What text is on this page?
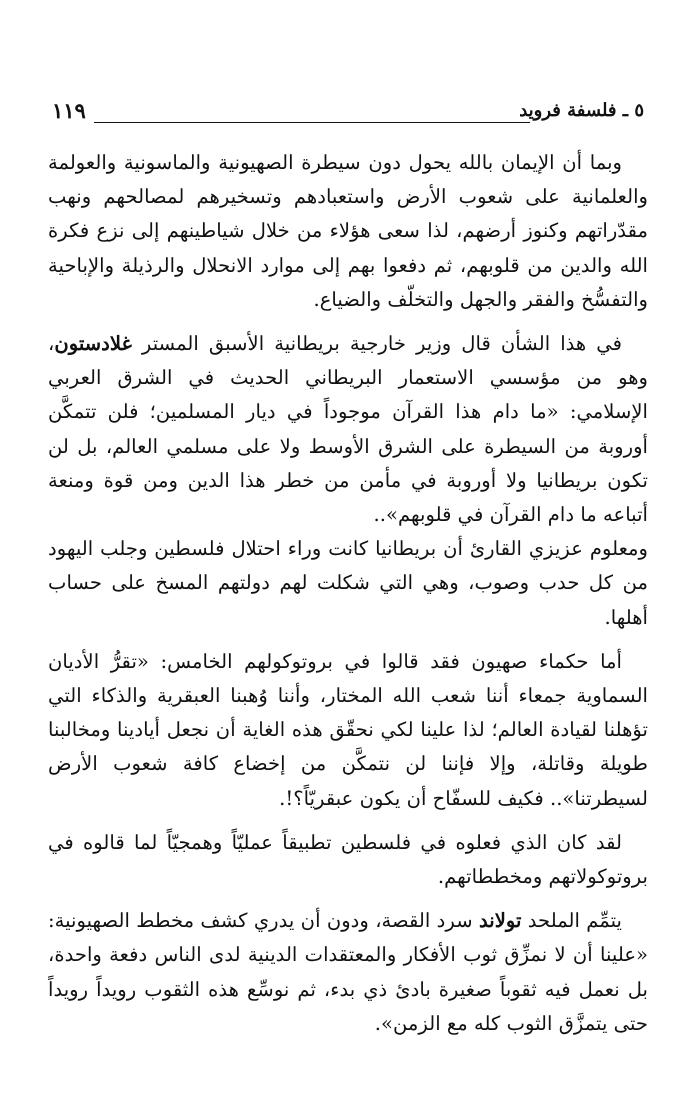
٥ ـ فلسفة فرويد
١١٩

وبما أن الإيمان بالله يحول دون سيطرة الصهيونية والماسونية والعولمة والعلمانية على شعوب الأرض واستعبادهم وتسخيرهم لمصالحهم ونهب مقدّراتهم وكنوز أرضهم، لذا سعى هؤلاء من خلال شياطينهم إلى نزع فكرة الله والدين من قلوبهم، ثم دفعوا بهم إلى موارد الانحلال والرذيلة والإباحية والتفسُّخ والفقر والجهل والتخلّف والضياع.

في هذا الشأن قال وزير خارجية بريطانية الأسبق المستر غلادستون، وهو من مؤسسي الاستعمار البريطاني الحديث في الشرق العربي الإسلامي: «ما دام هذا القرآن موجوداً في ديار المسلمين؛ فلن تتمكَّن أوروبة من السيطرة على الشرق الأوسط ولا على مسلمي العالم، بل لن تكون بريطانيا ولا أوروبة في مأمن من خطر هذا الدين ومن قوة ومنعة أتباعه ما دام القرآن في قلوبهم»..

ومعلوم عزيزي القارئ أن بريطانيا كانت وراء احتلال فلسطين وجلب اليهود من كل حدب وصوب، وهي التي شكلت لهم دولتهم المسخ على حساب أهلها.

أما حكماء صهيون فقد قالوا في بروتوكولهم الخامس: «تقرُّ الأديان السماوية جمعاء أننا شعب الله المختار، وأننا وُهبنا العبقرية والذكاء التي تؤهلنا لقيادة العالم؛ لذا علينا لكي نحقّق هذه الغاية أن نجعل أيادينا ومخالبنا طويلة وقاتلة، وإلا فإننا لن نتمكَّن من إخضاع كافة شعوب الأرض لسيطرتنا».. فكيف للسفّاح أن يكون عبقريّاً؟!.

لقد كان الذي فعلوه في فلسطين تطبيقاً عمليّاً وهمجيّاً لما قالوه في بروتوكولاتهم ومخططاتهم.

يتمِّم الملحد تولاند سرد القصة، ودون أن يدري كشف مخطط الصهيونية: «علينا أن لا نمزِّق ثوب الأفكار والمعتقدات الدينية لدى الناس دفعة واحدة، بل نعمل فيه ثقوباً صغيرة بادئ ذي بدء، ثم نوسِّع هذه الثقوب رويداً رويداً حتى يتمزَّق الثوب كله مع الزمن».
